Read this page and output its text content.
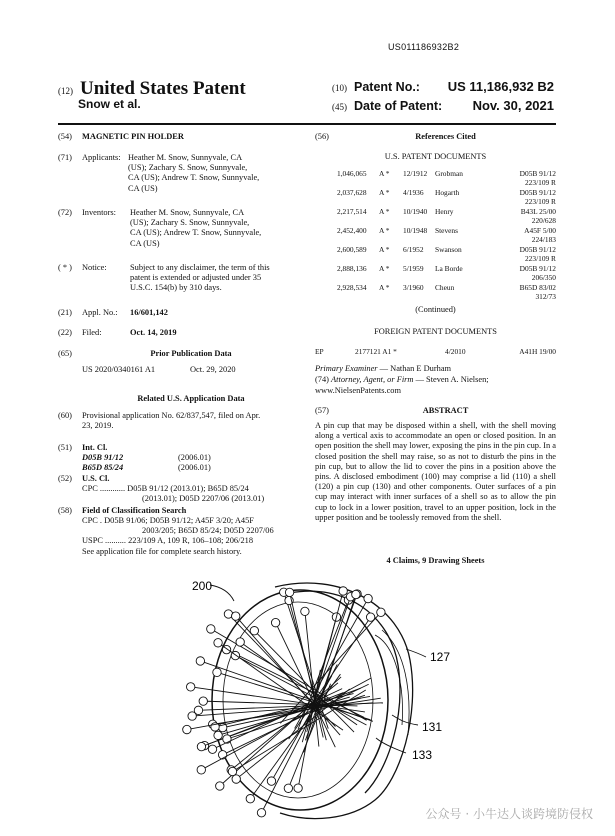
US011186932B2
(12) United States Patent
Snow et al.
(10) Patent No.: US 11,186,932 B2
(45) Date of Patent: Nov. 30, 2021
(54) MAGNETIC PIN HOLDER
(71) Applicants: Heather M. Snow, Sunnyvale, CA
(US); Zachary S. Snow, Sunnyvale,
CA (US); Andrew T. Snow, Sunnyvale,
CA (US)
(72) Inventors: Heather M. Snow, Sunnyvale, CA
(US); Zachary S. Snow, Sunnyvale,
CA (US); Andrew T. Snow, Sunnyvale,
CA (US)
( * ) Notice:	Subject to any disclaimer, the term of this
patent is extended or adjusted under 35
U.S.C. 154(b) by 310 days.
(21) Appl. No.: 16/601,142
(22) Filed:	Oct. 14, 2019
(65)	Prior Publication Data
US 2020/0340161 A1	Oct. 29, 2020
Related U.S. Application Data
(60) Provisional application No. 62/837,547, filed on Apr.
23, 2019.
(51) Int. Cl.
D05B 91/12	(2006.01)
B65D 85/24	(2006.01)
(52) U.S. Cl.
CPC ............ D05B 91/12 (2013.01); B65D 85/24
(2013.01); D05D 2207/06 (2013.01)
(58) Field of Classification Search
CPC . D05B 91/06; D05B 91/12; A45F 3/20; A45F
2003/205; B65D 85/24; D05D 2207/06
USPC .......... 223/109 A, 109 R, 106–108; 206/218
See application file for complete search history.
(56)	References Cited
U.S. PATENT DOCUMENTS
1,046,065 A * 12/1912 Grobman	D05B 91/12
223/109 R
2,037,628 A * 4/1936 Hogarth	D05B 91/12
223/109 R
2,217,514 A * 10/1940 Henry	B43L 25/00
220/628
2,452,400 A * 10/1948 Stevens	A45F 5/00
224/183
2,600,589 A * 6/1952 Swanson	D05B 91/12
223/109 R
2,888,136 A * 5/1959 La Borde	D05B 91/12
206/350
2,928,534 A * 3/1960 Cheun	B65D 83/02
312/73
(Continued)
FOREIGN PATENT DOCUMENTS
EP	2177121 A1 *	4/2010	A41H 19/00
Primary Examiner — Nathan E Durham
(74) Attorney, Agent, or Firm — Steven A. Nielsen;
www.NielsenPatents.com
(57)	ABSTRACT
A pin cup that may be disposed within a shell, with the shell moving along a vertical axis to accommodate an open or closed position. In an open position the shell may lower, exposing the pins in the pin cup. In a closed position the shell may raise, so as not to disturb the pins in the pin cup, but to allow the lid to cover the pins in a position above the pins. A disclosed embodiment (100) may comprise a lid (110) a shell (120) a pin cup (130) and other components. Outer surfaces of a pin cup may interact with inner surfaces of a shell so as to allow the pin cup to lock in a lower position, travel to an upper position, lock in the upper position and be toolessly removed from the shell.
4 Claims, 9 Drawing Sheets
200
127
131
133
公众号 · 小牛达人谈跨境防侵权
